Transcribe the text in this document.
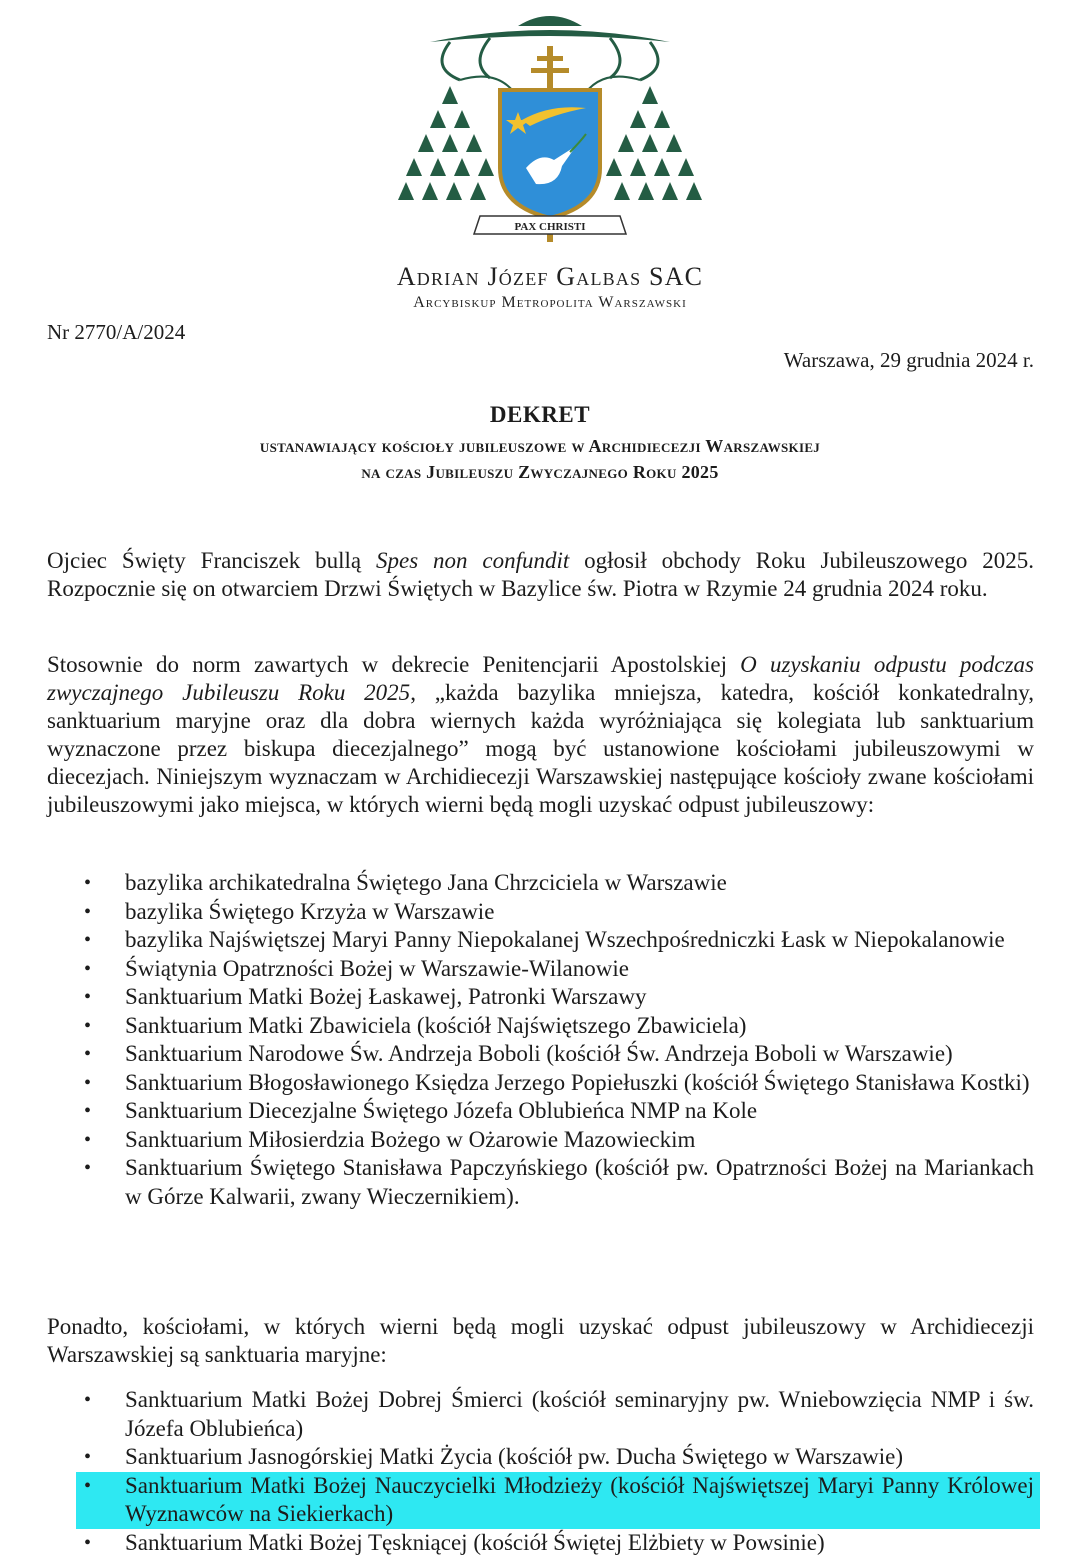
PAX CHRISTI
Adrian Józef Galbas SAC
Arcybiskup Metropolita Warszawski
Nr 2770/A/2024
Warszawa, 29 grudnia 2024 r.
DEKRET
ustanawiający kościoły jubileuszowe w Archidiecezji Warszawskiej
na czas Jubileuszu Zwyczajnego Roku 2025
Ojciec Święty Franciszek bullą Spes non confundit ogłosił obchody Roku Jubileuszowego 2025. Rozpocznie się on otwarciem Drzwi Świętych w Bazylice św. Piotra w Rzymie 24 grudnia 2024 roku.
Stosownie do norm zawartych w dekrecie Penitencjarii Apostolskiej O uzyskaniu odpustu podczas zwyczajnego Jubileuszu Roku 2025, „każda bazylika mniejsza, katedra, kościół konkatedralny, sanktuarium maryjne oraz dla dobra wiernych każda wyróżniająca się kolegiata lub sanktuarium wyznaczone przez biskupa diecezjalnego” mogą być ustanowione kościołami jubileuszowymi w diecezjach. Niniejszym wyznaczam w Archidiecezji Warszawskiej następujące kościoły zwane kościołami jubileuszowymi jako miejsca, w których wierni będą mogli uzyskać odpust jubileuszowy:
• bazylika archikatedralna Świętego Jana Chrzciciela w Warszawie
• bazylika Świętego Krzyża w Warszawie
• bazylika Najświętszej Maryi Panny Niepokalanej Wszechpośredniczki Łask w Niepokalanowie
• Świątynia Opatrzności Bożej w Warszawie-Wilanowie
• Sanktuarium Matki Bożej Łaskawej, Patronki Warszawy
• Sanktuarium Matki Zbawiciela (kościół Najświętszego Zbawiciela)
• Sanktuarium Narodowe Św. Andrzeja Boboli (kościół Św. Andrzeja Boboli w Warszawie)
• Sanktuarium Błogosławionego Księdza Jerzego Popiełuszki (kościół Świętego Stanisława Kostki)
• Sanktuarium Diecezjalne Świętego Józefa Oblubieńca NMP na Kole
• Sanktuarium Miłosierdzia Bożego w Ożarowie Mazowieckim
• Sanktuarium Świętego Stanisława Papczyńskiego (kościół pw. Opatrzności Bożej na Mariankach w Górze Kalwarii, zwany Wieczernikiem).
Ponadto, kościołami, w których wierni będą mogli uzyskać odpust jubileuszowy w Archidiecezji Warszawskiej są sanktuaria maryjne:
• Sanktuarium Matki Bożej Dobrej Śmierci (kościół seminaryjny pw. Wniebowzięcia NMP i św. Józefa Oblubieńca)
• Sanktuarium Jasnogórskiej Matki Życia (kościół pw. Ducha Świętego w Warszawie)
• Sanktuarium Matki Bożej Nauczycielki Młodzieży (kościół Najświętszej Maryi Panny Królowej Wyznawców na Siekierkach)
• Sanktuarium Matki Bożej Tęskniącej (kościół Świętej Elżbiety w Powsinie)
